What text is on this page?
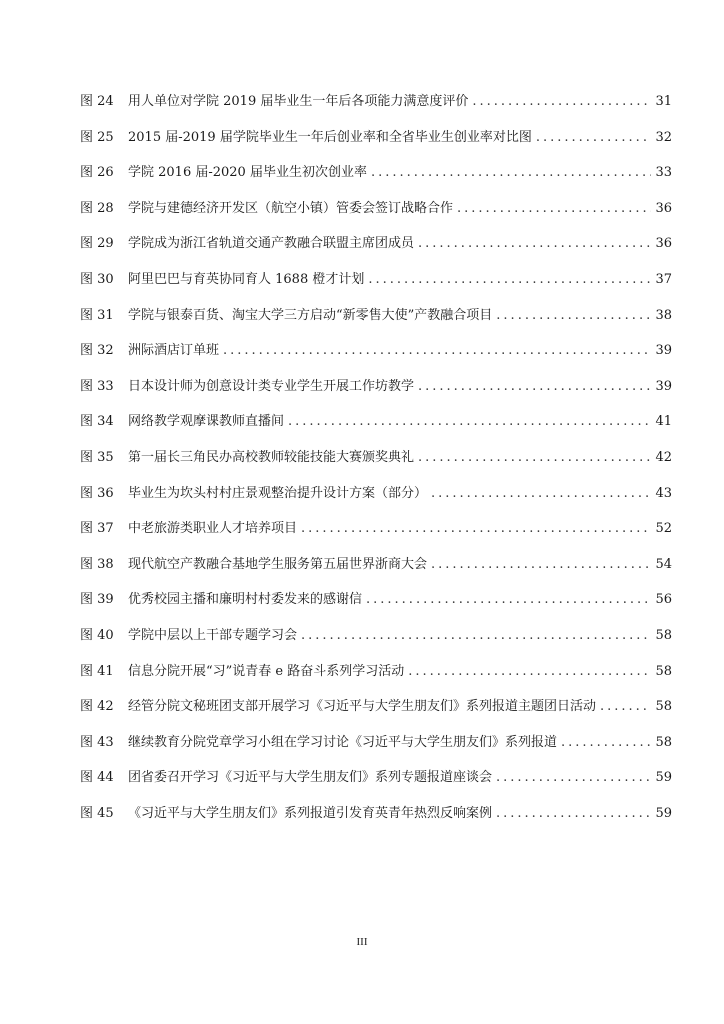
图 24	用人单位对学院 2019 届毕业生一年后各项能力满意度评价 .....	31
图 25	2015 届-2019 届学院毕业生一年后创业率和全省毕业生创业率对比图 .....	32
图 26	学院 2016 届-2020 届毕业生初次创业率 .....	33
图 28	学院与建德经济开发区（航空小镇）管委会签订战略合作 .....	36
图 29	学院成为浙江省轨道交通产教融合联盟主席团成员 .....	36
图 30	阿里巴巴与育英协同育人 1688 橙才计划 .....	37
图 31	学院与银泰百货、淘宝大学三方启动“新零售大使”产教融合项目 .....	38
图 32	洲际酒店订单班 .....	39
图 33	日本设计师为创意设计类专业学生开展工作坊教学 .....	39
图 34	网络教学观摩课教师直播间 .....	41
图 35	第一届长三角民办高校教师较能技能大赛颁奖典礼 .....	42
图 36	毕业生为坎头村村庄景观整治提升设计方案（部分） .....	43
图 37	中老旅游类职业人才培养项目 .....	52
图 38	现代航空产教融合基地学生服务第五届世界浙商大会 .....	54
图 39	优秀校园主播和廉明村村委发来的感谢信 .....	56
图 40	学院中层以上干部专题学习会 .....	58
图 41	信息分院开展“习”说青春 e 路奋斗系列学习活动 .....	58
图 42	经管分院文秘班团支部开展学习《习近平与大学生朋友们》系列报道主题团日活动 .....	58
图 43	继续教育分院党章学习小组在学习讨论《习近平与大学生朋友们》系列报道 .....	58
图 44	团省委召开学习《习近平与大学生朋友们》系列专题报道座谈会 .....	59
图 45	《习近平与大学生朋友们》系列报道引发育英青年热烈反响案例 .....	59
III
